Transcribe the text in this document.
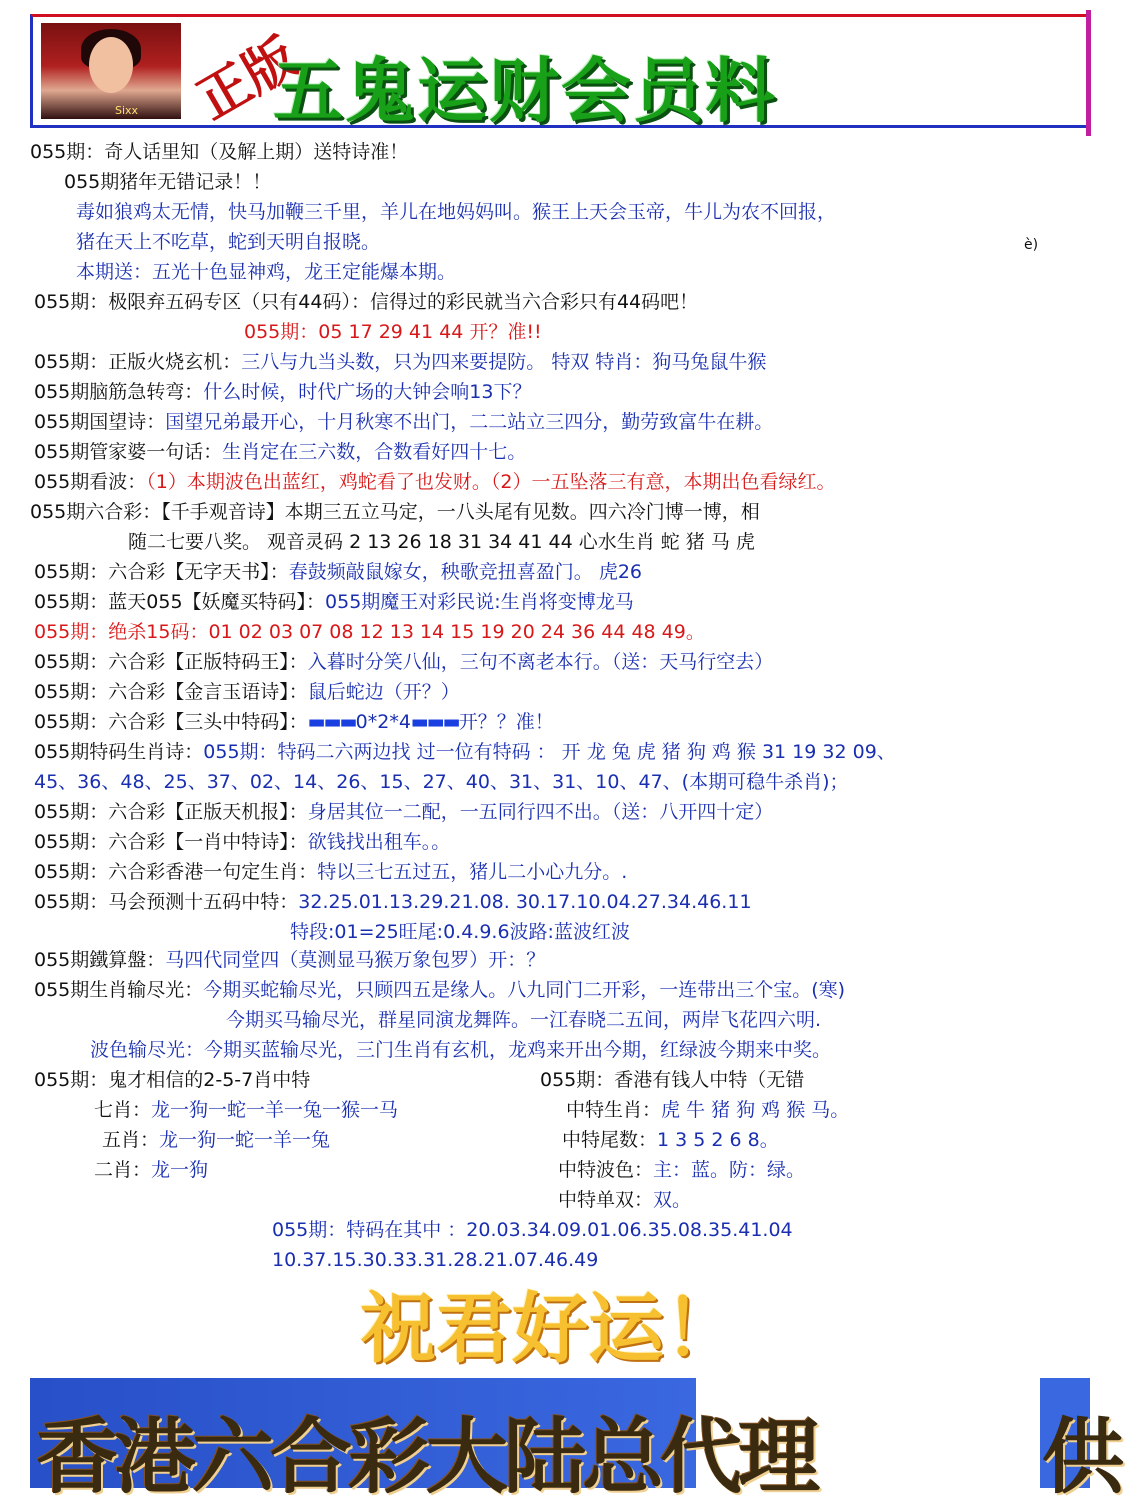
Sixx 正版
五鬼运财会员料
è)
055期：奇人话里知（及解上期）送特诗准！
055期猪年无错记录！！
毒如狼鸡太无情，快马加鞭三千里，羊儿在地妈妈叫。猴王上天会玉帝，牛儿为农不回报，
猪在天上不吃草，蛇到天明自报晓。
本期送：五光十色显神鸡，龙王定能爆本期。
055期：极限弃五码专区（只有44码）：信得过的彩民就当六合彩只有44码吧！
055期：05 17 29 41 44 开？准!!
055期：正版火烧玄机：三八与九当头数，只为四来要提防。 特双 特肖：狗马兔鼠牛猴
055期脑筋急转弯：什么时候，时代广场的大钟会响13下？
055期国望诗：国望兄弟最开心，十月秋寒不出门，二二站立三四分，勤劳致富牛在耕。
055期管家婆一句话：生肖定在三六数，合数看好四十七。
055期看波：（1）本期波色出蓝红，鸡蛇看了也发财。（2）一五坠落三有意，本期出色看绿红。
055期六合彩：【千手观音诗】本期三五立马定，一八头尾有见数。四六冷门博一博，相
随二七要八奖。 观音灵码 2 13 26 18 31 34 41 44 心水生肖 蛇 猪 马 虎
055期：六合彩【无字天书】：春鼓频敲鼠嫁女，秧歌竞扭喜盈门。 虎26
055期：蓝天055【妖魔买特码】：055期魔王对彩民说:生肖将变博龙马
055期：绝杀15码：01 02 03 07 08 12 13 14 15 19 20 24 36 44 48 49。
055期：六合彩【正版特码王】：入暮时分笑八仙，三句不离老本行。（送：天马行空去）
055期：六合彩【金言玉语诗】：鼠后蛇边（开？）
055期：六合彩【三头中特码】：▬▬▬0*2*4▬▬▬开？？准！
055期特码生肖诗：055期：特码二六两边找 过一位有特码 ： 开 龙 兔 虎 猪 狗 鸡 猴 31 19 32 09、
45、36、48、25、37、02、14、26、15、27、40、31、31、10、47、(本期可稳牛杀肖)；
055期：六合彩【正版天机报】：身居其位一二配，一五同行四不出。（送：八开四十定）
055期：六合彩【一肖中特诗】：欲钱找出租车。。
055期：六合彩香港一句定生肖：特以三七五过五，猪儿二小心九分。.
055期：马会预测十五码中特：32.25.01.13.29.21.08. 30.17.10.04.27.34.46.11
特段:01=25旺尾:0.4.9.6波路:蓝波红波
055期鐵算盤：马四代同堂四（莫测显马猴万象包罗）开：？
055期生肖输尽光：今期买蛇输尽光，只顾四五是缘人。八九同门二开彩，一连带出三个宝。(寒)
今期买马输尽光，群星同演龙舞阵。一江春晓二五间，两岸飞花四六明.
波色输尽光：今期买蓝输尽光，三门生肖有玄机，龙鸡来开出今期，红绿波今期来中奖。
055期：鬼才相信的2-5-7肖中特	055期：香港有钱人中特（无错
七肖：龙一狗一蛇一羊一兔一猴一马	中特生肖：虎 牛 猪 狗 鸡 猴 马。
五肖：龙一狗一蛇一羊一兔	中特尾数：1 3 5 2 6 8。
二肖：龙一狗	中特波色：主：蓝。防：绿。
中特单双：双。
055期：特码在其中 ：20.03.34.09.01.06.35.08.35.41.04
10.37.15.30.33.31.28.21.07.46.49
祝君好运！
香港六合彩大陆总代理	供
